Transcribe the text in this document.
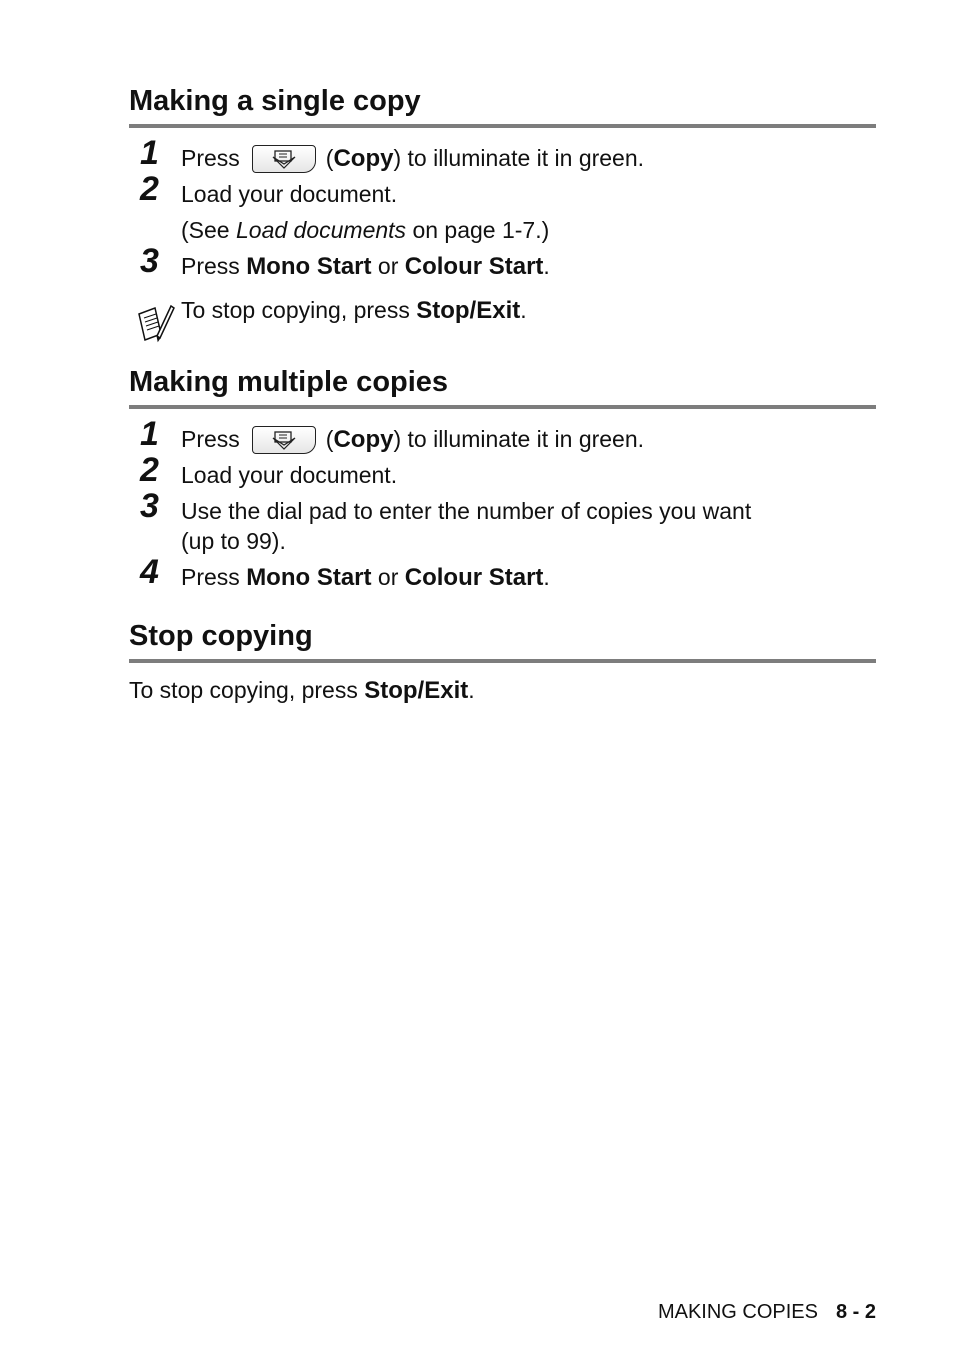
Making a single copy
1 Press	(Copy) to illuminate it in green.
2 Load your document.
(See Load documents on page 1-7.)
3 Press Mono Start or Colour Start.
To stop copying, press Stop/Exit.
Making multiple copies
1 Press	(Copy) to illuminate it in green.
2 Load your document.
3 Use the dial pad to enter the number of copies you want
(up to 99).
4 Press Mono Start or Colour Start.
Stop copying
To stop copying, press Stop/Exit.
MAKING COPIES 8 - 2
